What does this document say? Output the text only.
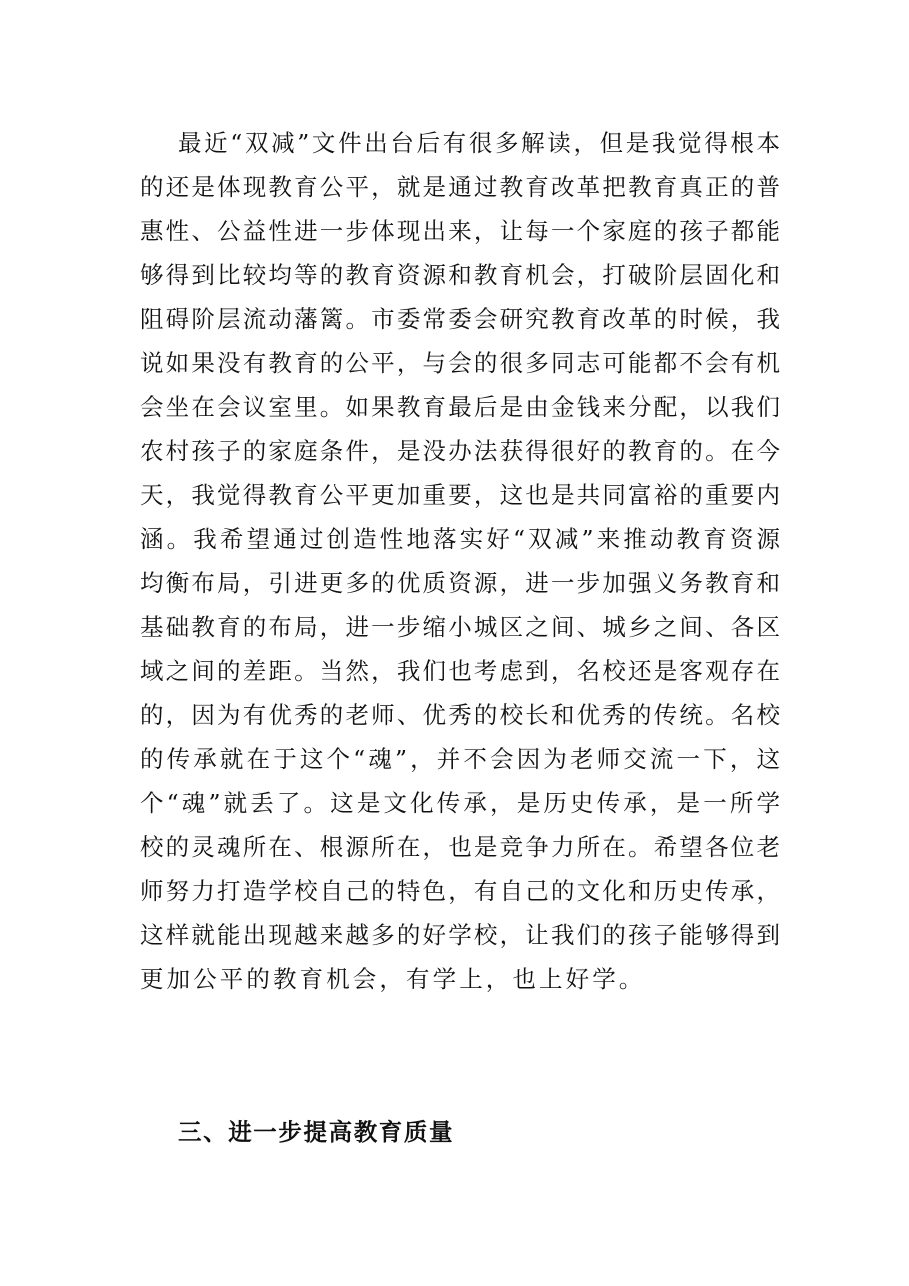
最近“双减”文件出台后有很多解读，但是我觉得根本
的还是体现教育公平，就是通过教育改革把教育真正的普
惠性、公益性进一步体现出来，让每一个家庭的孩子都能
够得到比较均等的教育资源和教育机会，打破阶层固化和
阻碍阶层流动藩篱。市委常委会研究教育改革的时候，我
说如果没有教育的公平，与会的很多同志可能都不会有机
会坐在会议室里。如果教育最后是由金钱来分配，以我们
农村孩子的家庭条件，是没办法获得很好的教育的。在今
天，我觉得教育公平更加重要，这也是共同富裕的重要内
涵。我希望通过创造性地落实好“双减”来推动教育资源
均衡布局，引进更多的优质资源，进一步加强义务教育和
基础教育的布局，进一步缩小城区之间、城乡之间、各区
域之间的差距。当然，我们也考虑到，名校还是客观存在
的，因为有优秀的老师、优秀的校长和优秀的传统。名校
的传承就在于这个“魂”，并不会因为老师交流一下，这
个“魂”就丢了。这是文化传承，是历史传承，是一所学
校的灵魂所在、根源所在，也是竞争力所在。希望各位老
师努力打造学校自己的特色，有自己的文化和历史传承，
这样就能出现越来越多的好学校，让我们的孩子能够得到
更加公平的教育机会，有学上，也上好学。
三、进一步提高教育质量
